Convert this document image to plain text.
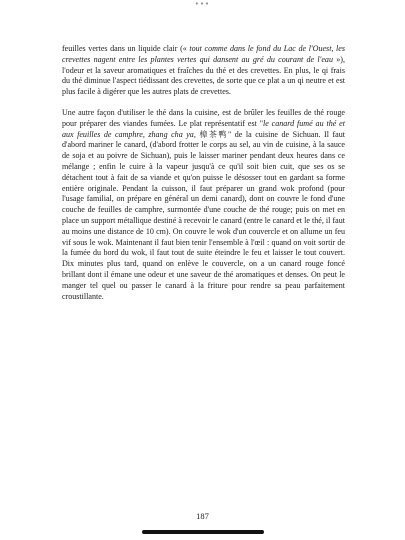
•••

feuilles vertes dans un liquide clair (« tout comme dans le fond du Lac de l'Ouest, les crevettes nagent entre les plantes vertes qui dansent au gré du courant de l'eau »), l'odeur et la saveur aromatiques et fraîches du thé et des crevettes. En plus, le qi frais du thé diminue l'aspect tiédissant des crevettes, de sorte que ce plat a un qi neutre et est plus facile à digérer que les autres plats de crevettes.

Une autre façon d'utiliser le thé dans la cuisine, est de brûler les feuilles de thé rouge pour préparer des viandes fumées. Le plat représentatif est "le canard fumé au thé et aux feuilles de camphre, zhang cha ya, 樟茶鸭" de la cuisine de Sichuan. Il faut d'abord mariner le canard, (d'abord frotter le corps au sel, au vin de cuisine, à la sauce de soja et au poivre de Sichuan), puis le laisser mariner pendant deux heures dans ce mélange ; enfin le cuire à la vapeur jusqu'à ce qu'il soit bien cuit, que ses os se détachent tout à fait de sa viande et qu'on puisse le désosser tout en gardant sa forme entière originale. Pendant la cuisson, il faut préparer un grand wok profond (pour l'usage familial, on prépare en général un demi canard), dont on couvre le fond d'une couche de feuilles de camphre, surmontée d'une couche de thé rouge; puis on met en place un support métallique destiné à recevoir le canard (entre le canard et le thé, il faut au moins une distance de 10 cm). On couvre le wok d'un couvercle et on allume un feu vif sous le wok. Maintenant il faut bien tenir l'ensemble à l'œil : quand on voit sortir de la fumée du bord du wok, il faut tout de suite éteindre le feu et laisser le tout couvert. Dix minutes plus tard, quand on enlève le couvercle, on a un canard rouge foncé brillant dont il émane une odeur et une saveur de thé aromatiques et denses. On peut le manger tel quel ou passer le canard à la friture pour rendre sa peau parfaitement croustillante.

187
